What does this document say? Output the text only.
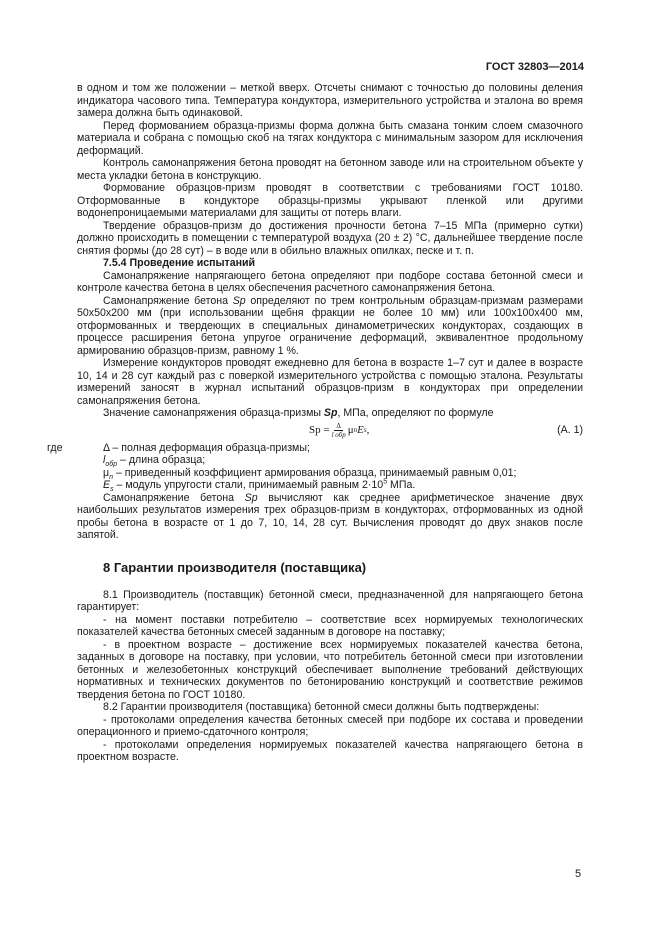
ГОСТ 32803—2014

в одном и том же положении – меткой вверх. Отсчеты снимают с точностью до половины деления индикатора часового типа. Температура кондуктора, измерительного устройства и эталона во время замера должна быть одинаковой.

Перед формованием образца-призмы форма должна быть смазана тонким слоем смазочного материала и собрана с помощью скоб на тягах кондуктора с минимальным зазором для исключения деформаций.

Контроль самонапряжения бетона проводят на бетонном заводе или на строительном объекте у места укладки бетона в конструкцию.

Формование образцов-призм проводят в соответствии с требованиями ГОСТ 10180. Отформованные в кондукторе образцы-призмы укрывают пленкой или другими водонепроницаемыми материалами для защиты от потерь влаги.

Твердение образцов-призм до достижения прочности бетона 7–15 МПа (примерно сутки) должно происходить в помещении с температурой воздуха (20 ± 2) °С, дальнейшее твердение после снятия формы (до 28 сут) – в воде или в обильно влажных опилках, песке и т. п.

7.5.4 Проведение испытаний

Самонапряжение напрягающего бетона определяют при подборе состава бетонной смеси и контроле качества бетона в целях обеспечения расчетного самонапряжения бетона.

Самонапряжение бетона Sp определяют по трем контрольным образцам-призмам размерами 50х50х200 мм (при использовании щебня фракции не более 10 мм) или 100х100х400 мм, отформованных и твердеющих в специальных динамометрических кондукторах, создающих в процессе расширения бетона упругое ограничение деформаций, эквивалентное продольному армированию образцов-призм, равному 1 %.

Измерение кондукторов проводят ежедневно для бетона в возрасте 1–7 сут и далее в возрасте 10, 14 и 28 сут каждый раз с поверкой измерительного устройства с помощью эталона. Результаты измерений заносят в журнал испытаний образцов-призм в кондукторах при определении самонапряжения бетона.

Значение самонапряжения образца-призмы Sp, МПа, определяют по формуле

$Sp = \frac{\Delta}{\text{l обр}}$ μ n E s ,	(А. 1)
где	Δ – полная деформация образца-призмы;

$l_{обр}$ – длина образца;

$\mu_n$ – приведенный коэффициент армирования образца, принимаемый равным 0,01;

$E_s$ – модуль упругости стали, принимаемый равным $2\cdot 10^5$ МПа.

Самонапряжение бетона Sp вычисляют как среднее арифметическое значение двух наибольших результатов измерения трех образцов-призм в кондукторах, отформованных из одной пробы бетона в возрасте от 1 до 7, 10, 14, 28 сут. Вычисления проводят до двух знаков после запятой.

8 Гарантии производителя (поставщика)

8.1 Производитель (поставщик) бетонной смеси, предназначенной для напрягающего бетона гарантирует:

- на момент поставки потребителю – соответствие всех нормируемых технологических показателей качества бетонных смесей заданным в договоре на поставку;

- в проектном возрасте – достижение всех нормируемых показателей качества бетона, заданных в договоре на поставку, при условии, что потребитель бетонной смеси при изготовлении бетонных и железобетонных конструкций обеспечивает выполнение требований действующих нормативных и технических документов по бетонированию конструкций и соответствие режимов твердения бетона по ГОСТ 10180.

8.2 Гарантии производителя (поставщика) бетонной смеси должны быть подтверждены:

- протоколами определения качества бетонных смесей при подборе их состава и проведении операционного и приемо-сдаточного контроля;

- протоколами определения нормируемых показателей качества напрягающего бетона в проектном возрасте.

5
